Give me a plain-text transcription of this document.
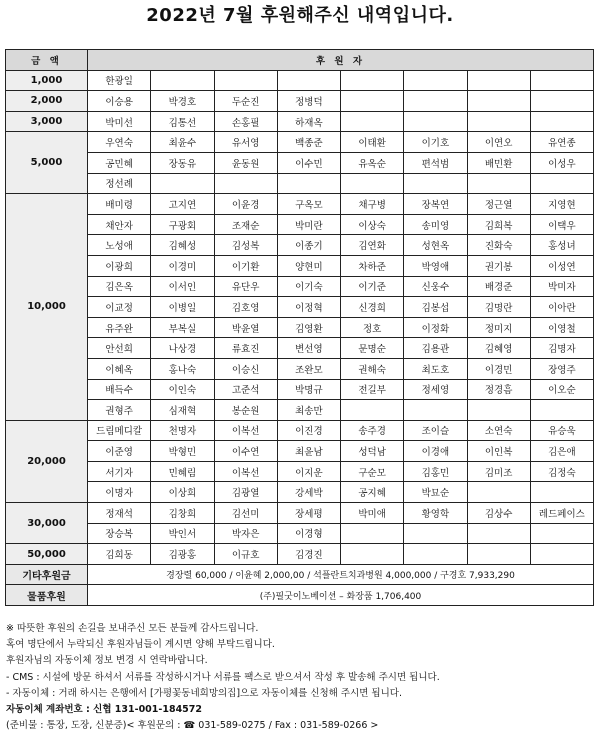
2022년 7월 후원해주신 내역입니다.
금 액	후 원 자							
1,000	한광일							
2,000	이승용	박경호	두순진	정병덕				
3,000	박미선	김통선	손홍필	하재옥				
5,000	우연숙	최윤수	유서영	백종준	이태환	이기호	이연오	유연종
	공민혜	장동유	윤동원	이수민	유옥순	편석범	배민환	이성우
	정선례							
10,000	배미령	고지연	이윤경	구옥모	채구병	장복연	정근열	지영현
	채안자	구광회	조재순	박미란	이상숙	송미영	김희복	이택우
	노성애	김혜성	김성복	이종기	김연화	성현옥	진화숙	홍성녀
	이광희	이경미	이기환	양현미	차하준	박영애	권기봉	이성연
	김은옥	이서인	유단우	이기숙	이기준	신웅수	배경준	박미자
	이교정	이병일	김호영	이정혁	신경희	김봉섭	김명란	이아란
	유주완	부복실	박윤열	김영환	정호	이정화	정미지	이영철
	안선희	나상경	류효진	변선영	문명순	김용관	김혜영	김명자
	이혜옥	홍나숙	이승신	조완모	권해숙	최도호	이경민	장영주
	배득수	이인숙	고준석	박명규	전길부	정세영	정경흠	이오순
	권형주	심재혁	봉순원	최송만				
20,000	드림메디칼	천명자	이복선	이진경	송주경	조이슬	소연숙	유승욱
	이준영	박형민	이수연	최윤남	성덕남	이경애	이인복	김은애
	서기자	민혜림	이복선	이지운	구순모	김홍민	김미조	김정숙
	이명자	이상희	김광열	강세박	공지혜	박묘순		
30,000	정재석	김창희	김선미	장세평	박미애	황영학	김상수	레드페이스
	장승복	박인서	박자은	이경형				
50,000	김희동	김광홍	이규호	김경진				
기타후원금	경장렬 60,000 / 이윤혜 2,000,00 / 석플란트치과병원 4,000,000 / 구경호 7,933,290							
물품후원	(주)필굿이노베이션 – 화장품 1,706,400							
※ 따뜻한 후원의 손길을 보내주신 모든 분들께 감사드립니다.
혹여 명단에서 누락되신 후원자님들이 계시면 양해 부탁드립니다.
후원자님의 자동이체 정보 변경 시 연락바랍니다.
- CMS : 시설에 방문 하셔서 서류를 작성하시거나 서류를 팩스로 받으셔서 작성 후 발송해 주시면 됩니다.
- 자동이체 : 거래 하시는 은행에서 [가평꽃동네희망의집]으로 자동이체를 신청해 주시면 됩니다.
자동이체 계좌번호 : 신협 131-001-184572
(준비물 : 통장, 도장, 신분증)< 후원문의 : ☎ 031-589-0275 / Fax : 031-589-0266 >
